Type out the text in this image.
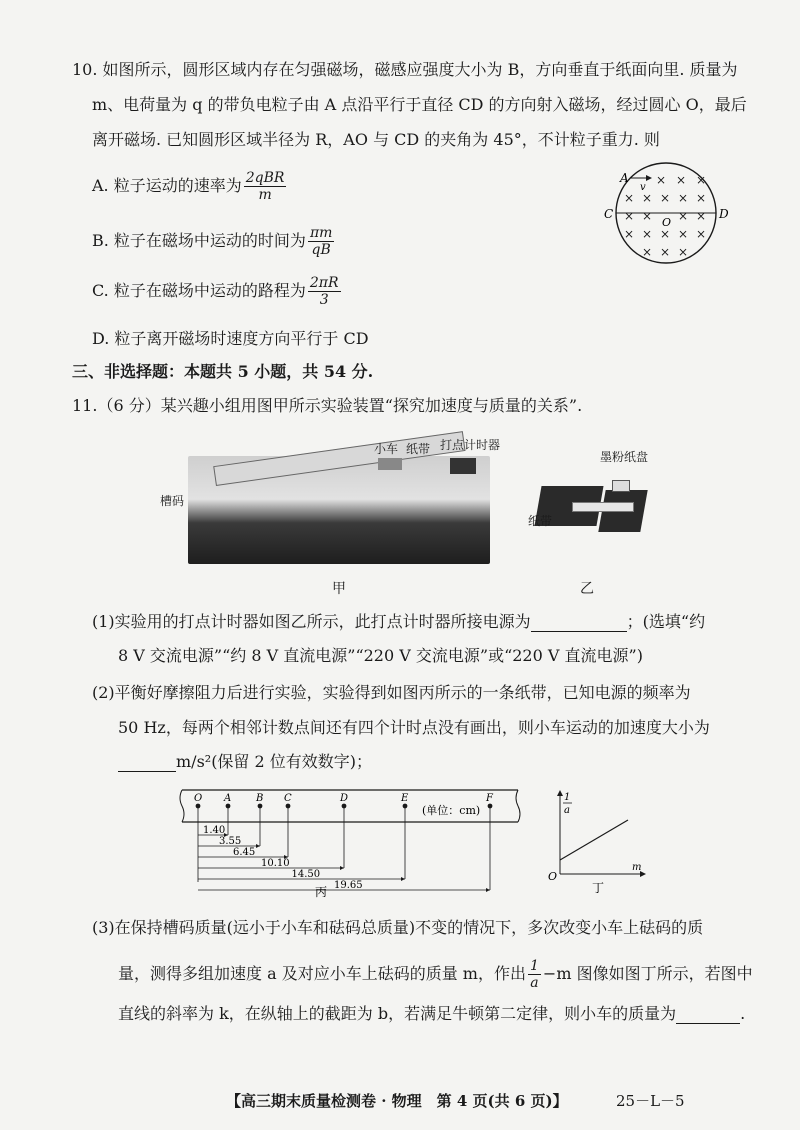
10. 如图所示，圆形区域内存在匀强磁场，磁感应强度大小为 B，方向垂直于纸面向里. 质量为
m、电荷量为 q 的带负电粒子由 A 点沿平行于直径 CD 的方向射入磁场，经过圆心 O，最后
离开磁场. 已知圆形区域半径为 R，AO 与 CD 的夹角为 45°，不计粒子重力. 则
A. 粒子运动的速率为 $\frac{\text{2qBR}}{m}$
B. 粒子在磁场中运动的时间为 $\frac{\pi m}{qB}$
C. 粒子在磁场中运动的路程为 $\frac{2\pi R}{3}$
D. 粒子离开磁场时速度方向平行于 CD
A
v
C	D
O
× × ×
× × × × ×
× × × ×
× × × × ×
× × ×
三、非选择题：本题共 5 小题，共 54 分.
11.（6 分）某兴趣小组用图甲所示实验装置“探究加速度与质量的关系”.
小车 纸带 打点计时器
槽码
甲
墨粉纸盘
纸带
乙
(1)实验用的打点计时器如图乙所示，此打点计时器所接电源为	；(选填“约
8 V 交流电源”“约 8 V 直流电源”“220 V 交流电源”或“220 V 直流电源”)
(2)平衡好摩擦阻力后进行实验，实验得到如图丙所示的一条纸带，已知电源的频率为
50 Hz，每两个相邻计数点间还有四个计时点没有画出，则小车运动的加速度大小为
m/s²(保留 2 位有效数字)；
O A B C	D	E	F
1.40
3.55
6.45
10.10
14.50
19.65
(单位：cm)
丙
1
a
m
O
丁
(3)在保持槽码质量(远小于小车和砝码总质量)不变的情况下，多次改变小车上砝码的质
量，测得多组加速度 a 及对应小车上砝码的质量 m，作出 $\frac{1}{a} -m$ 图像如图丁所示，若图中
直线的斜率为 k，在纵轴上的截距为 b，若满足牛顿第二定律，则小车的质量为	.
【高三期末质量检测卷 · 物理　第 4 页(共 6 页)】	25－L－5
